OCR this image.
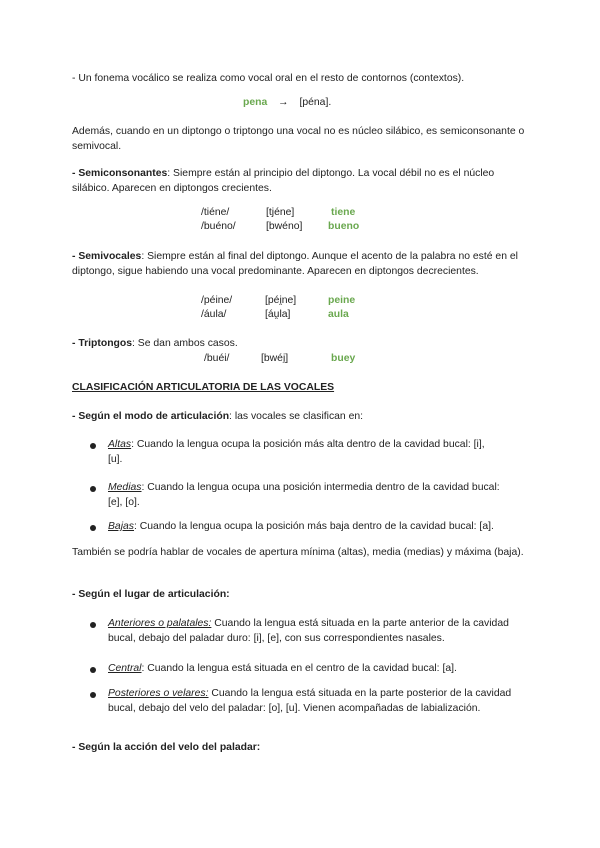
- Un fonema vocálico se realiza como vocal oral en el resto de contornos (contextos).
pena → [péna].
Además, cuando en un diptongo o triptongo una vocal no es núcleo silábico, es semiconsonante o semivocal.
- Semiconsonantes: Siempre están al principio del diptongo. La vocal débil no es el núcleo silábico. Aparecen en diptongos crecientes.
/tiéne/	[tjéne]	tiene
/buéno/	[bwéno] bueno
- Semivocales: Siempre están al final del diptongo. Aunque el acento de la palabra no esté en el diptongo, sigue habiendo una vocal predominante. Aparecen en diptongos decrecientes.
/péine/	[péi̯ne]	peine
/áula/	[áu̯la]	aula
- Triptongos: Se dan ambos casos.
/buéi/	[bwéi̯]	buey
CLASIFICACIÓN ARTICULATORIA DE LAS VOCALES
- Según el modo de articulación: las vocales se clasifican en:
Altas: Cuando la lengua ocupa la posición más alta dentro de la cavidad bucal: [i],
[u].
Medias: Cuando la lengua ocupa una posición intermedia dentro de la cavidad bucal:
[e], [o].
Bajas: Cuando la lengua ocupa la posición más baja dentro de la cavidad bucal: [a].
También se podría hablar de vocales de apertura mínima (altas), media (medias) y máxima (baja).
- Según el lugar de articulación:
Anteriores o palatales: Cuando la lengua está situada en la parte anterior de la cavidad bucal, debajo del paladar duro: [i], [e], con sus correspondientes nasales.
Central: Cuando la lengua está situada en el centro de la cavidad bucal: [a].
Posteriores o velares: Cuando la lengua está situada en la parte posterior de la cavidad bucal, debajo del velo del paladar: [o], [u]. Vienen acompañadas de labialización.
- Según la acción del velo del paladar:
